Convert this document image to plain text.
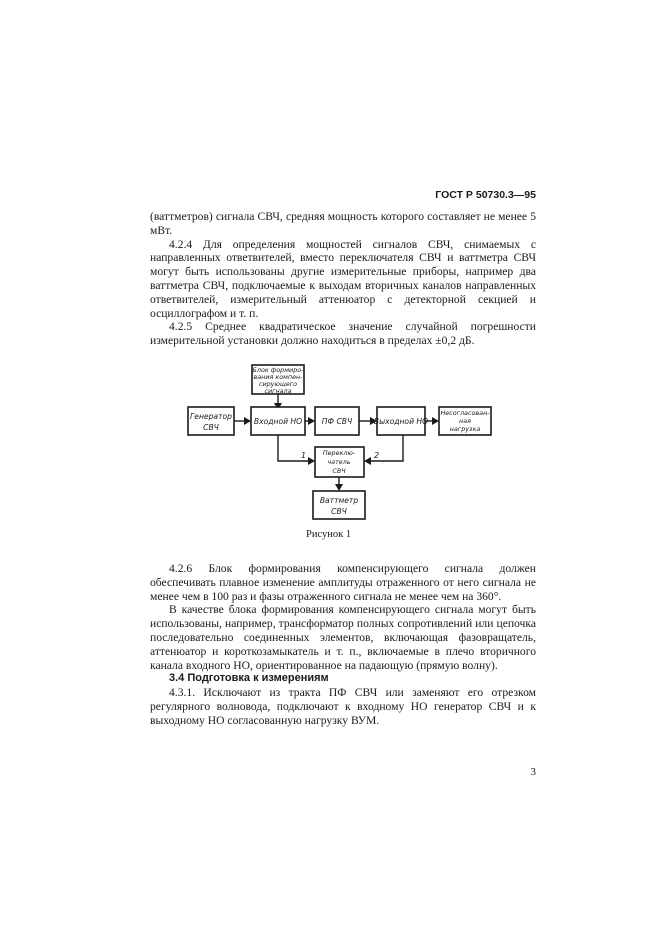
ГОСТ Р 50730.3—95

(ваттметров) сигнала СВЧ, средняя мощность которого составляет не менее 5 мВт.

4.2.4 Для определения мощностей сигналов СВЧ, снимаемых с направленных ответвителей, вместо переключателя СВЧ и ваттметра СВЧ могут быть использованы другие измерительные приборы, например два ваттметра СВЧ, подключаемые к выходам вторичных каналов направленных ответвителей, измерительный аттенюатор с детекторной секцией и осциллографом и т. п.

4.2.5 Среднее квадратическое значение случайной погрешности измерительной установки должно находиться в пределах ±0,2 дБ.

Блок формиро-
вания компен-
сирующего
сигнала
Генератор
СВЧ
Входной НО	ПФ СВЧ	Выходной НО
Несогласован-
ная
нагрузка
Переклю-
чатель
СВЧ
Ваттметр
СВЧ
1	2
Рисунок 1

4.2.6 Блок формирования компенсирующего сигнала должен обеспечивать плавное изменение амплитуды отраженного от него сигнала не менее чем в 100 раз и фазы отраженного сигнала не менее чем на 360°.

В качестве блока формирования компенсирующего сигнала могут быть использованы, например, трансформатор полных сопротивлений или цепочка последовательно соединенных элементов, включающая фазовращатель, аттенюатор и короткозамыкатель и т. п., включаемые в плечо вторичного канала входного НО, ориентированное на падающую (прямую волну).

3.4 Подготовка к измерениям

4.3.1. Исключают из тракта ПФ СВЧ или заменяют его отрезком регулярного волновода, подключают к входному НО генератор СВЧ и к выходному НО согласованную нагрузку ВУМ.

3
